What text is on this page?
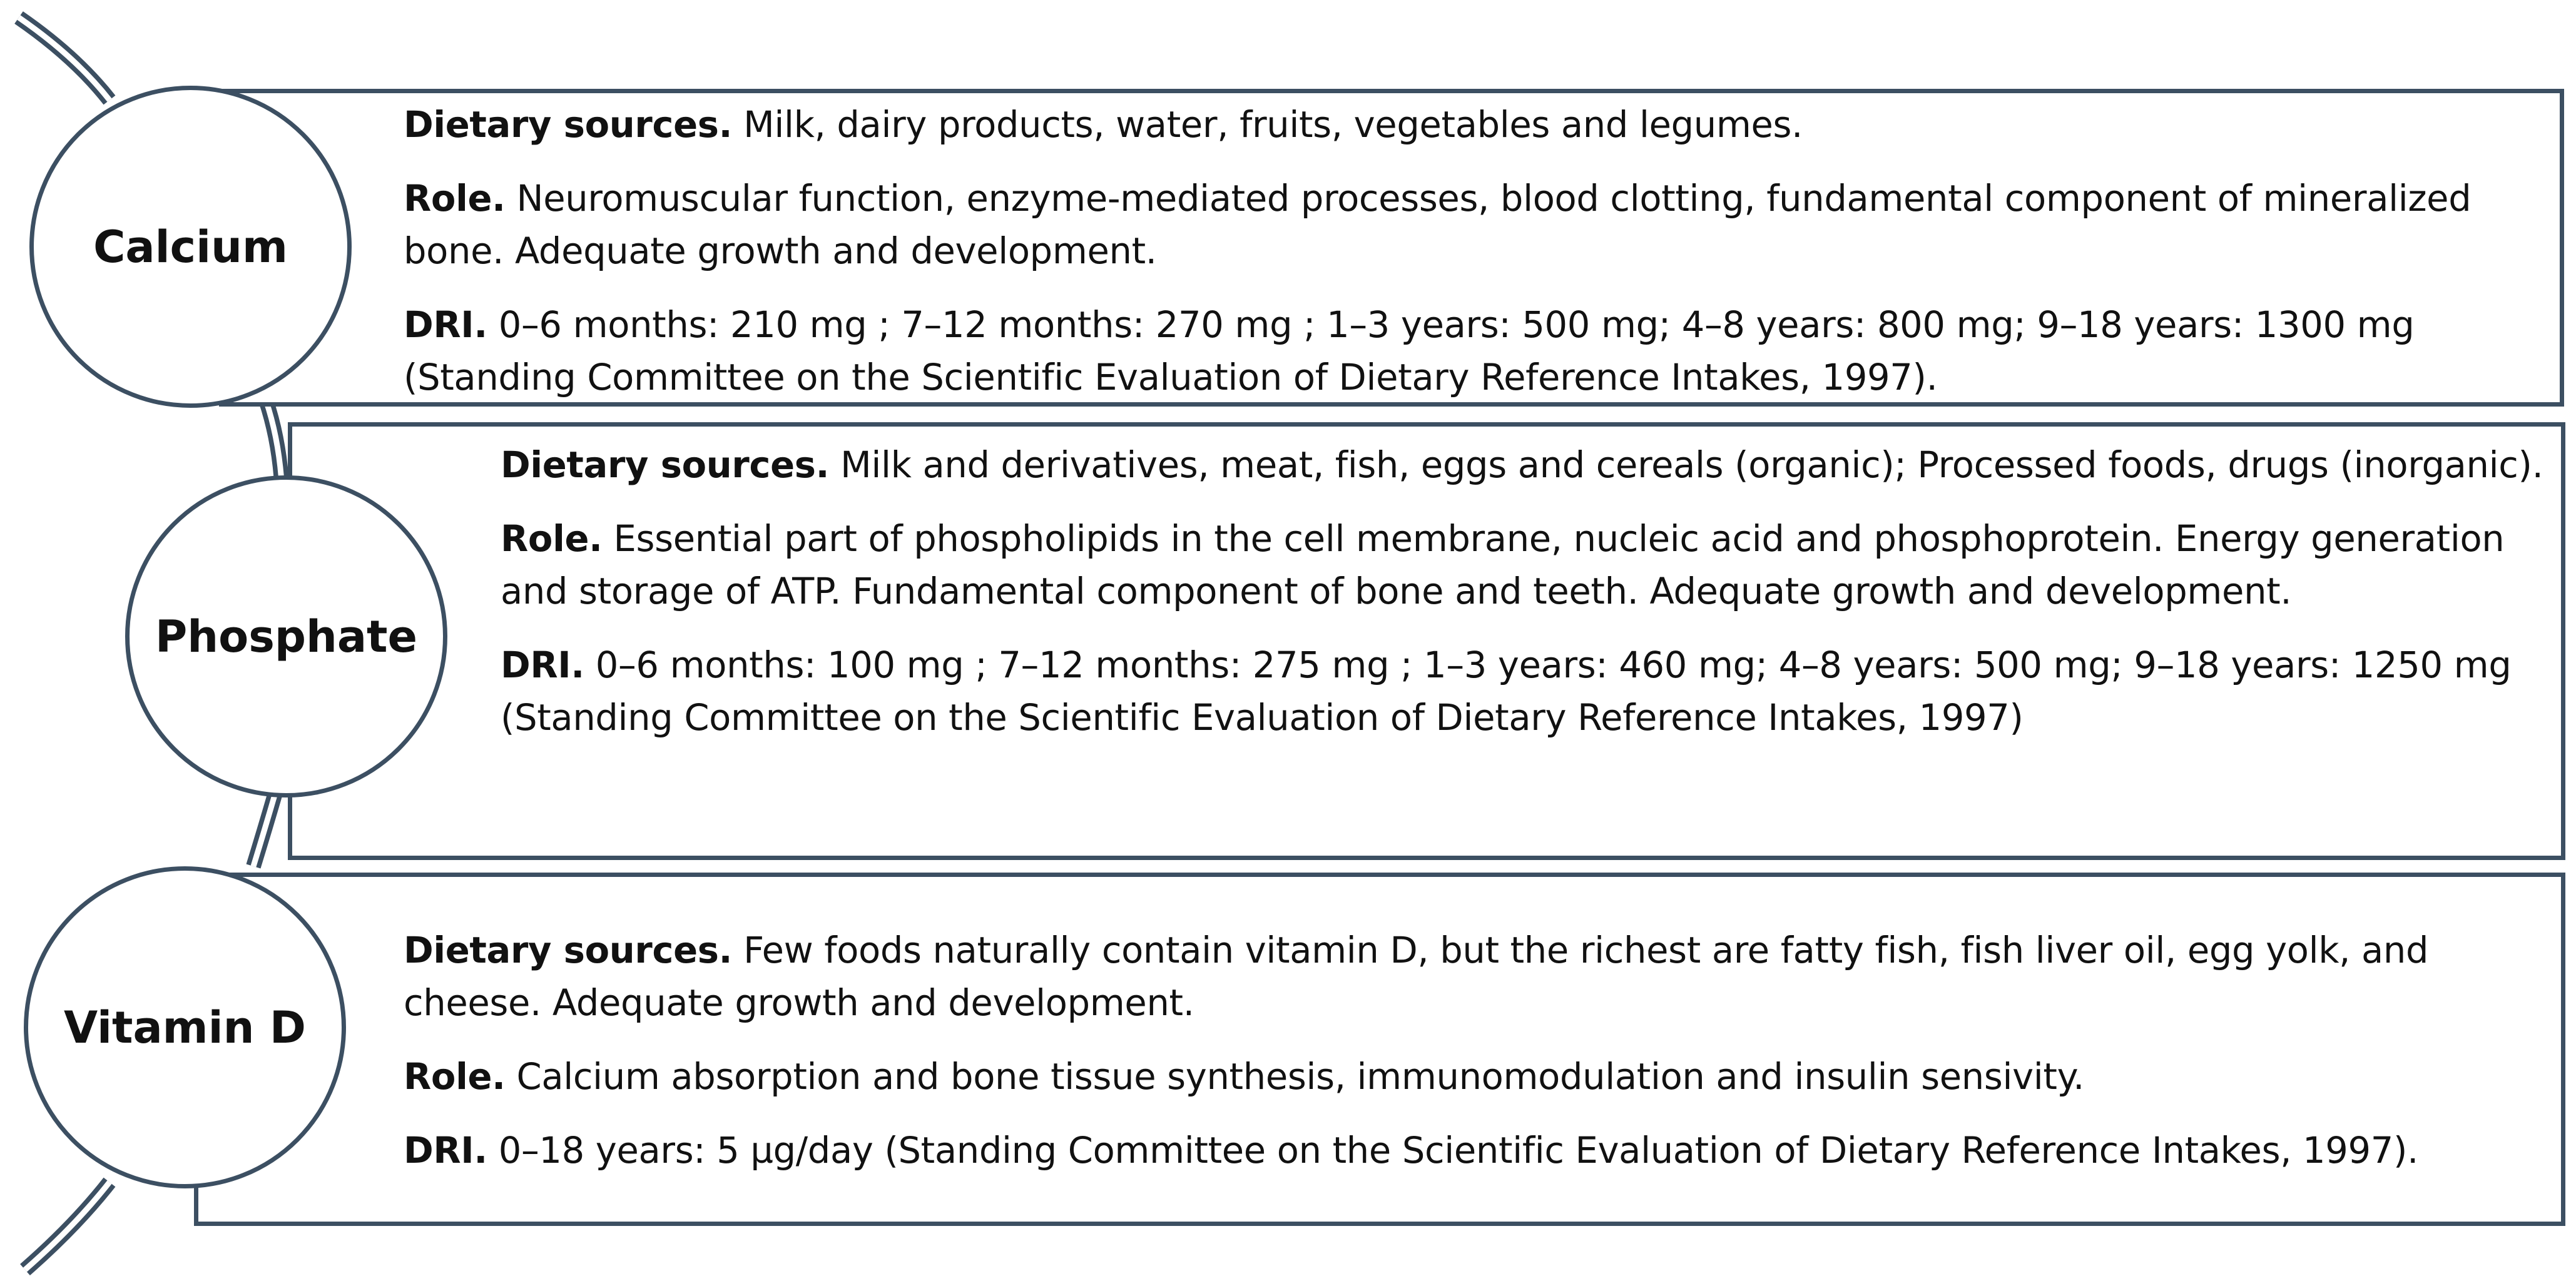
Dietary sources. Milk, dairy products, water, fruits, vegetables and legumes.

Role. Neuromuscular function, enzyme-mediated processes, blood clotting, fundamental component of mineralized bone. Adequate growth and development.

DRI. 0–6 months: 210 mg ; 7–12 months: 270 mg ; 1–3 years: 500 mg; 4–8 years: 800 mg; 9–18 years: 1300 mg (Standing Committee on the Scientific Evaluation of Dietary Reference Intakes, 1997).

Calcium

Dietary sources. Milk and derivatives, meat, fish, eggs and cereals (organic); Processed foods, drugs (inorganic).

Role. Essential part of phospholipids in the cell membrane, nucleic acid and phosphoprotein. Energy generation and storage of ATP. Fundamental component of bone and teeth. Adequate growth and development.

DRI. 0–6 months: 100 mg ; 7–12 months: 275 mg ; 1–3 years: 460 mg; 4–8 years: 500 mg; 9–18 years: 1250 mg (Standing Committee on the Scientific Evaluation of Dietary Reference Intakes, 1997)

Phosphate

Dietary sources. Few foods naturally contain vitamin D, but the richest are fatty fish, fish liver oil, egg yolk, and cheese. Adequate growth and development.

Role. Calcium absorption and bone tissue synthesis, immunomodulation and insulin sensivity.

DRI. 0–18 years: 5 µg/day (Standing Committee on the Scientific Evaluation of Dietary Reference Intakes, 1997).

Vitamin D
